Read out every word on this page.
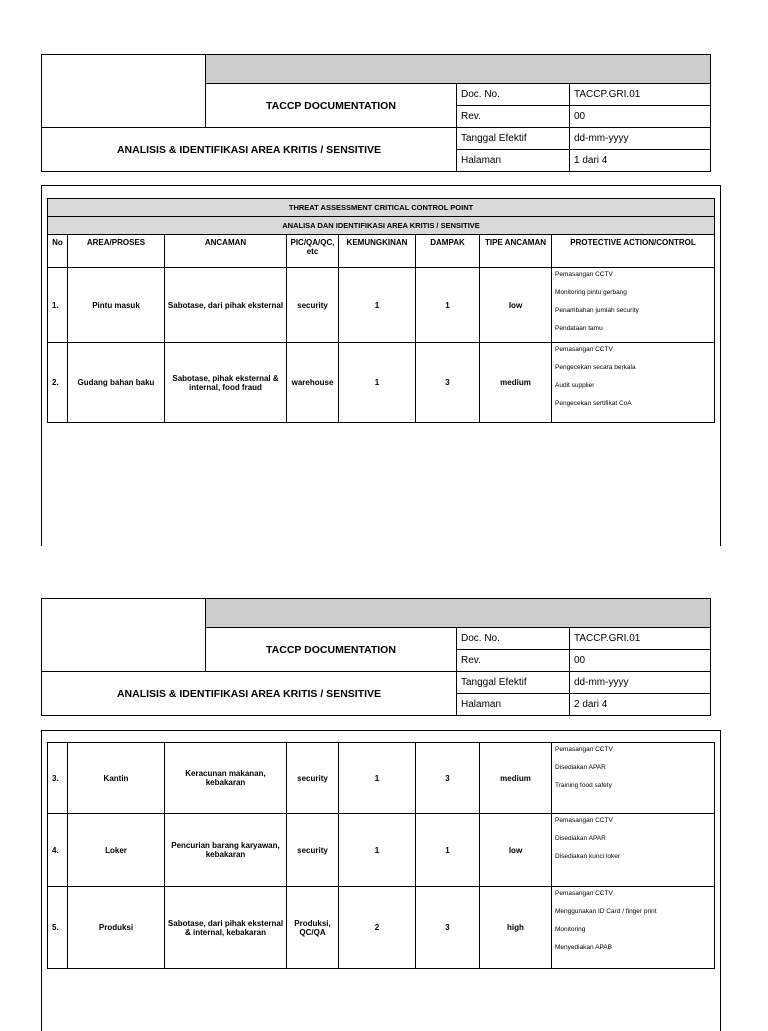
	TACCP DOCUMENTATION	Doc. No.	TACCP.GRI.01
		Rev.	00
ANALISIS & IDENTIFIKASI AREA KRITIS / SENSITIVE		Tanggal Efektif	dd-mm-yyyy
		Halaman	1 dari 4
THREAT ASSESSMENT CRITICAL CONTROL POINT							
ANALISA DAN IDENTIFIKASI AREA KRITIS / SENSITIVE							
No	AREA/PROSES	ANCAMAN	PIC/QA/QC, etc	KEMUNGKINAN	DAMPAK	TIPE ANCAMAN	PROTECTIVE ACTION/CONTROL
1.	Pintu masuk	Sabotase, dari pihak eksternal	security	1	1	low	Pemasangan CCTV
Monitoring pintu gerbang
Penambahan jumlah security
Pendataan tamu

2.	Gudang bahan baku	Sabotase, pihak eksternal & internal, food fraud	warehouse	1	3	medium	Pemasangan CCTV
Pengecekan secara berkala
Audit supplier
Pengecekan sertifikat CoA

	TACCP DOCUMENTATION	Doc. No.	TACCP.GRI.01
		Rev.	00
ANALISIS & IDENTIFIKASI AREA KRITIS / SENSITIVE		Tanggal Efektif	dd-mm-yyyy
		Halaman	2 dari 4
3.	Kantin	Keracunan makanan, kebakaran	security	1	3	medium	Pemasangan CCTV
Disediakan APAR
Training food safety

4.	Loker	Pencurian barang karyawan, kebakaran	security	1	1	low	Pemasangan CCTV
Disediakan APAR
Disediakan kunci loker

5.	Produksi	Sabotase, dari pihak eksternal & internal, kebakaran	Produksi, QC/QA	2	3	high	Pemasangan CCTV
Menggunakan ID Card / finger print
Monitoring
Menyediakan APAB
